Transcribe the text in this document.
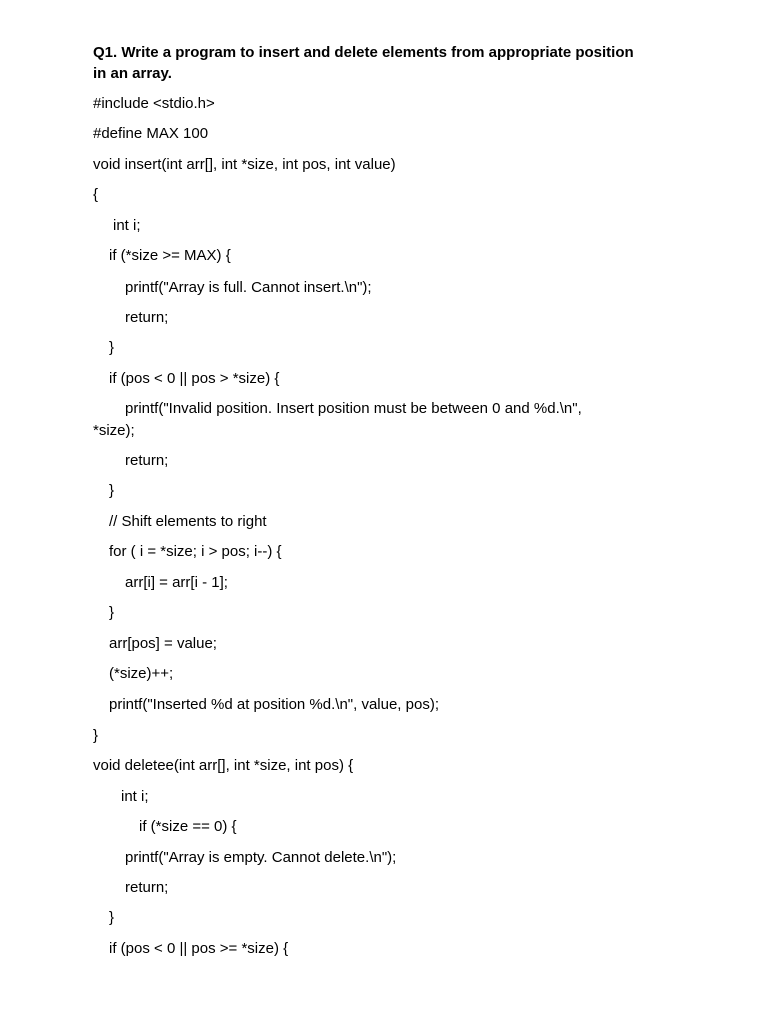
Q1. Write a program to insert and delete elements from appropriate position
in an array.
#include <stdio.h>
#define MAX 100
void insert(int arr[], int *size, int pos, int value)
{
int i;
if (*size >= MAX) {
printf("Array is full. Cannot insert.\n");
return;
}
if (pos < 0 || pos > *size) {
printf("Invalid position. Insert position must be between 0 and %d.\n",
*size);
return;
}
// Shift elements to right
for ( i = *size; i > pos; i--) {
arr[i] = arr[i - 1];
}
arr[pos] = value;
(*size)++;
printf("Inserted %d at position %d.\n", value, pos);
}
void deletee(int arr[], int *size, int pos) {
int i;
if (*size == 0) {
printf("Array is empty. Cannot delete.\n");
return;
}
if (pos < 0 || pos >= *size) {
